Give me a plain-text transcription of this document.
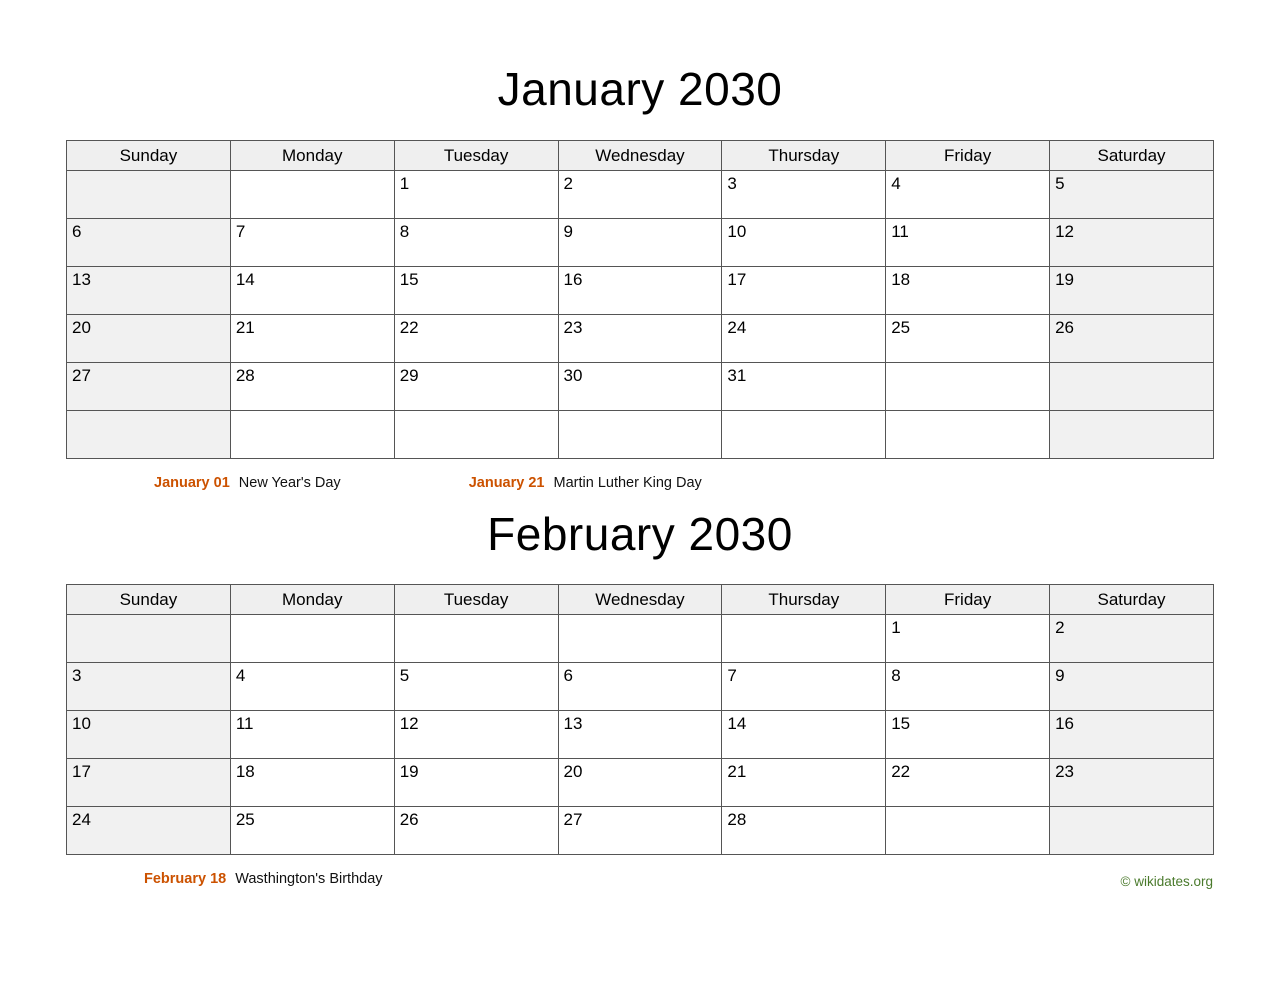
January 2030
Sunday	Monday	Tuesday	Wednesday	Thursday	Friday	Saturday
		1	2	3	4	5
6	7	8	9	10	11	12
13	14	15	16	17	18	19
20	21	22	23	24	25	26
27	28	29	30	31		

January 01 New Year's Day	January 21 Martin Luther King Day
February 2030
Sunday	Monday	Tuesday	Wednesday	Thursday	Friday	Saturday
					1	2
3	4	5	6	7	8	9
10	11	12	13	14	15	16
17	18	19	20	21	22	23
24	25	26	27	28		
February 18 Wasthington's Birthday	© wikidates.org
